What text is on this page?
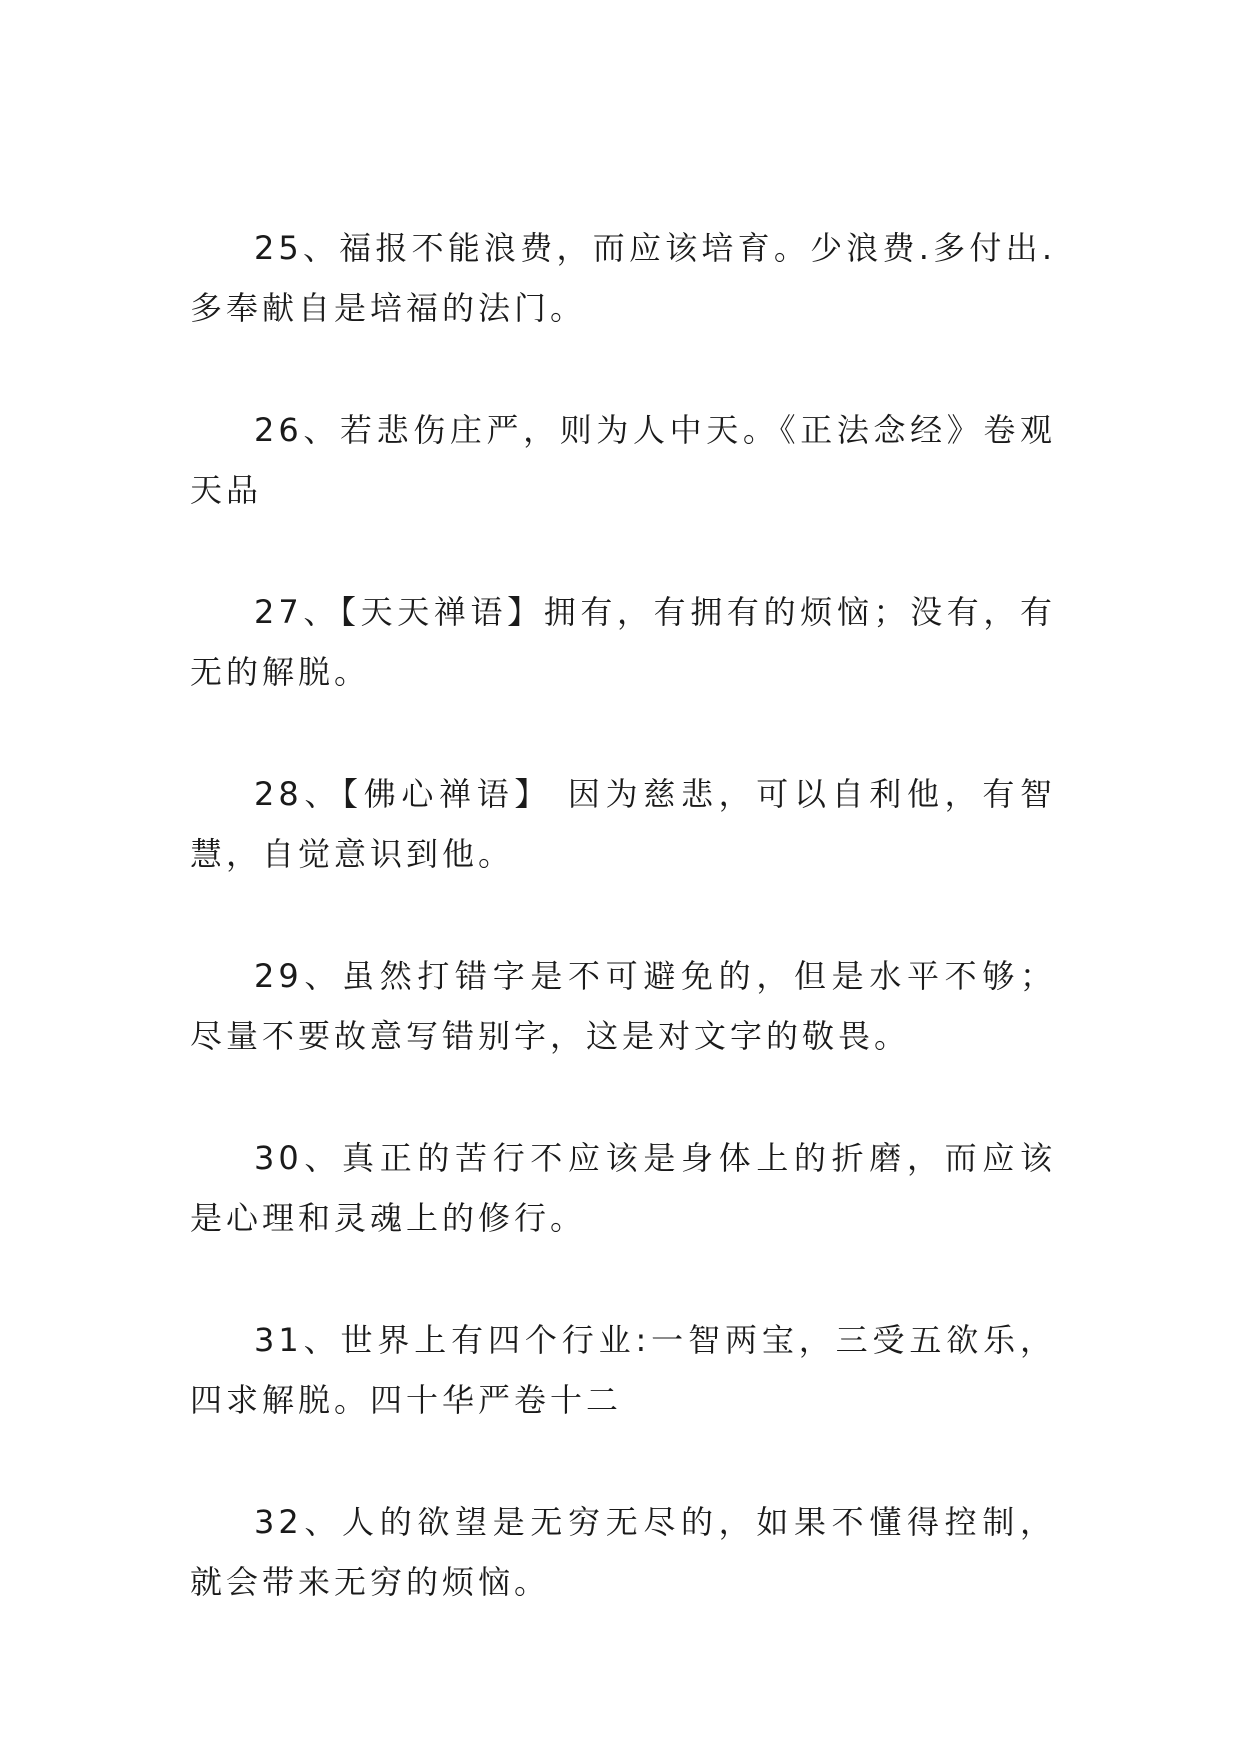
25、福报不能浪费，而应该培育。少浪费.多付出.多奉献自是培福的法门。

26、若悲伤庄严，则为人中天。《正法念经》卷观天品

27、【天天禅语】拥有，有拥有的烦恼；没有，有无的解脱。

28、【佛心禅语】 因为慈悲，可以自利他，有智慧，自觉意识到他。

29、虽然打错字是不可避免的，但是水平不够；尽量不要故意写错别字，这是对文字的敬畏。

30、真正的苦行不应该是身体上的折磨，而应该是心理和灵魂上的修行。

31、世界上有四个行业:一智两宝，三受五欲乐，四求解脱。四十华严卷十二

32、人的欲望是无穷无尽的，如果不懂得控制，就会带来无穷的烦恼。
